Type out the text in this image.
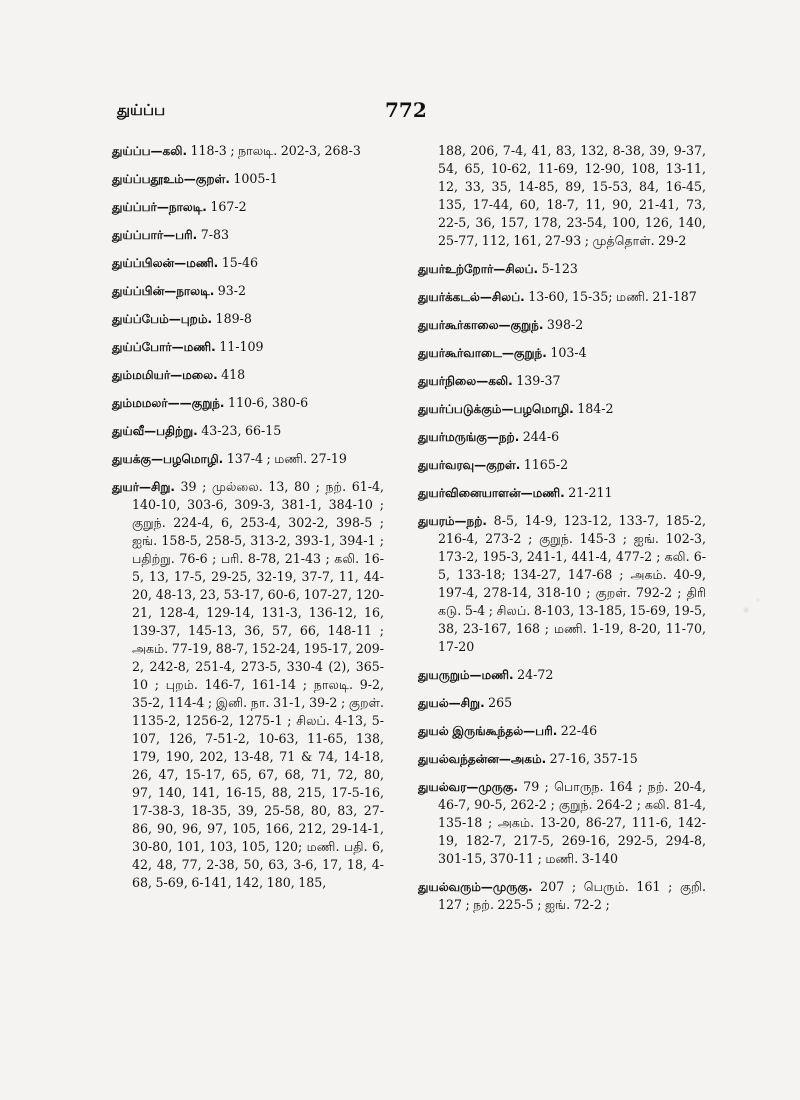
துய்ப்ப	772
துய்ப்ப—கலி. 118-3 ; நாலடி. 202-3, 268-3
துய்ப்பதூஉம்—குறள். 1005-1
துய்ப்பர்—நாலடி. 167-2
துய்ப்பார்—பரி. 7-83
துய்ப்பிலன்—மணி. 15-46
துய்ப்பின்—நாலடி. 93-2
துய்ப்பேம்—புறம். 189-8
துய்ப்போர்—மணி. 11-109
தும்மமியர்—மலை. 418
தும்மமலர்——குறுந். 110-6, 380-6
துய்வீ—பதிற்று. 43-23, 66-15
துயக்கு—பழமொழி. 137-4 ; மணி. 27-19
துயர்—சிறு. 39 ; முல்லை. 13, 80 ; நற். 61-4, 140-10, 303-6, 309-3, 381-1, 384-10 ; குறுந். 224-4, 6, 253-4, 302-2, 398-5 ; ஐங். 158-5, 258-5, 313-2, 393-1, 394-1 ; பதிற்று. 76-6 ; பரி. 8-78, 21-43 ; கலி. 16-5, 13, 17-5, 29-25, 32-19, 37-7, 11, 44-20, 48-13, 23, 53-17, 60-6, 107-27, 120-21, 128-4, 129-14, 131-3, 136-12, 16, 139-37, 145-13, 36, 57, 66, 148-11 ; அகம். 77-19, 88-7, 152-24, 195-17, 209-2, 242-8, 251-4, 273-5, 330-4 (2), 365-10 ; புறம். 146-7, 161-14 ; நாலடி. 9-2, 35-2, 114-4 ; இனி. நா. 31-1, 39-2 ; குறள். 1135-2, 1256-2, 1275-1 ; சிலப். 4-13, 5-107, 126, 7-51-2, 10-63, 11-65, 138, 179, 190, 202, 13-48, 71 & 74, 14-18, 26, 47, 15-17, 65, 67, 68, 71, 72, 80, 97, 140, 141, 16-15, 88, 215, 17-5-16, 17-38-3, 18-35, 39, 25-58, 80, 83, 27-86, 90, 96, 97, 105, 166, 212, 29-14-1, 30-80, 101, 103, 105, 120; மணி. பதி. 6, 42, 48, 77, 2-38, 50, 63, 3-6, 17, 18, 4-68, 5-69, 6-141, 142, 180, 185,
188, 206, 7-4, 41, 83, 132, 8-38, 39, 9-37, 54, 65, 10-62, 11-69, 12-90, 108, 13-11, 12, 33, 35, 14-85, 89, 15-53, 84, 16-45, 135, 17-44, 60, 18-7, 11, 90, 21-41, 73, 22-5, 36, 157, 178, 23-54, 100, 126, 140, 25-77, 112, 161, 27-93 ; முத்தொள். 29-2
துயர்உற்றோர்—சிலப். 5-123
துயர்க்கடல்—சிலப். 13-60, 15-35; மணி. 21-187
துயர்கூர்காலை—குறுந். 398-2
துயர்கூர்வாடை—குறுந். 103-4
துயர்நிலை—கலி. 139-37
துயர்ப்படுக்கும்—பழமொழி. 184-2
துயர்மருங்கு—நற். 244-6
துயர்வரவு—குறள். 1165-2
துயர்வினையாளன்—மணி. 21-211
துயரம்—நற். 8-5, 14-9, 123-12, 133-7, 185-2, 216-4, 273-2 ; குறுந். 145-3 ; ஐங். 102-3, 173-2, 195-3, 241-1, 441-4, 477-2 ; கலி. 6-5, 133-18; 134-27, 147-68 ; அகம். 40-9, 197-4, 278-14, 318-10 ; குறள். 792-2 ; திரி கடு. 5-4 ; சிலப். 8-103, 13-185, 15-69, 19-5, 38, 23-167, 168 ; மணி. 1-19, 8-20, 11-70, 17-20
துயருறும்—மணி. 24-72
துயல்—சிறு. 265
துயல் இருங்கூந்தல்—பரி. 22-46
துயல்வந்தன்ன—அகம். 27-16, 357-15
துயல்வர—முருகு. 79 ; பொருந. 164 ; நற். 20-4, 46-7, 90-5, 262-2 ; குறுந். 264-2 ; கலி. 81-4, 135-18 ; அகம். 13-20, 86-27, 111-6, 142-19, 182-7, 217-5, 269-16, 292-5, 294-8, 301-15, 370-11 ; மணி. 3-140
துயல்வரும்—முருகு. 207 ; பெரும். 161 ; குறி. 127 ; நற். 225-5 ; ஐங். 72-2 ;
